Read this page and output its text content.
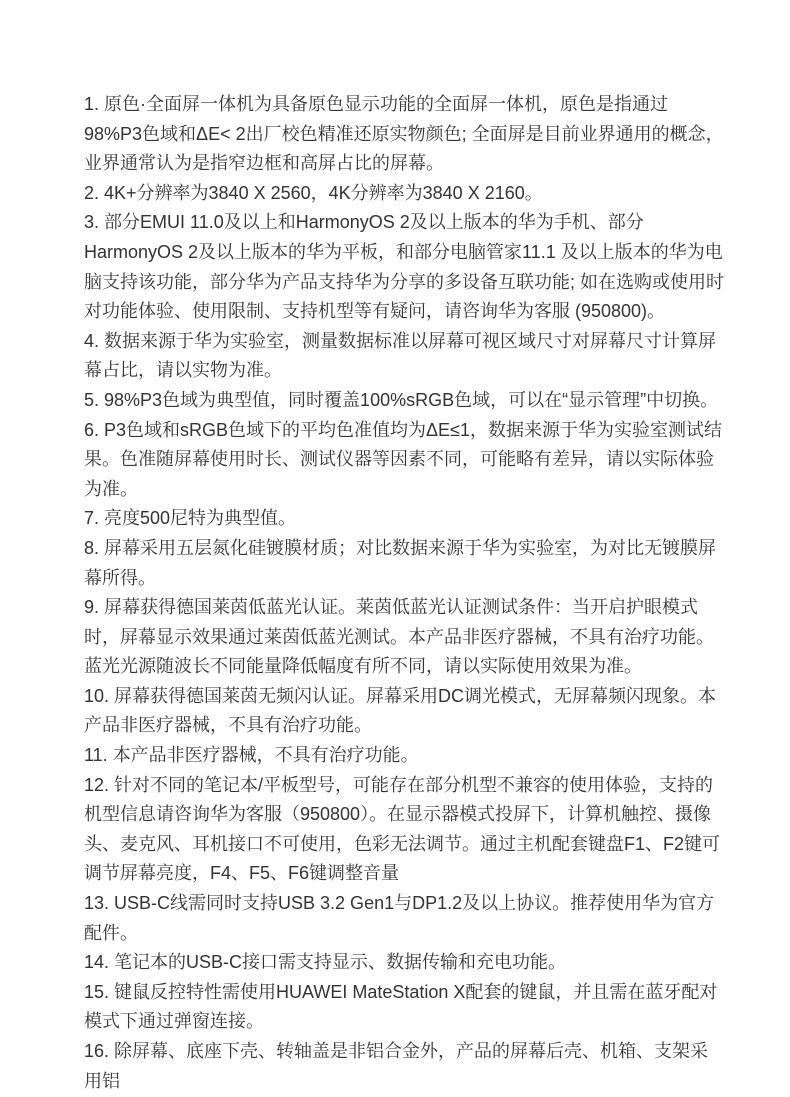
1. 原色·全面屏一体机为具备原色显示功能的全面屏一体机，原色是指通过98%P3色域和ΔE< 2出厂校色精准还原实物颜色; 全面屏是目前业界通用的概念，业界通常认为是指窄边框和高屏占比的屏幕。

2. 4K+分辨率为3840 X 2560，4K分辨率为3840 X 2160。

3. 部分EMUI 11.0及以上和HarmonyOS 2及以上版本的华为手机、部分HarmonyOS 2及以上版本的华为平板，和部分电脑管家11.1 及以上版本的华为电脑支持该功能，部分华为产品支持华为分享的多设备互联功能; 如在选购或使用时对功能体验、使用限制、支持机型等有疑问，请咨询华为客服 (950800)。

4. 数据来源于华为实验室，测量数据标准以屏幕可视区域尺寸对屏幕尺寸计算屏幕占比，请以实物为准。

5. 98%P3色域为典型值，同时覆盖100%sRGB色域，可以在“显示管理”中切换。

6. P3色域和sRGB色域下的平均色准值均为ΔE≤1，数据来源于华为实验室测试结果。色准随屏幕使用时长、测试仪器等因素不同，可能略有差异，请以实际体验为准。

7. 亮度500尼特为典型值。

8. 屏幕采用五层氮化硅镀膜材质；对比数据来源于华为实验室，为对比无镀膜屏幕所得。

9. 屏幕获得德国莱茵低蓝光认证。莱茵低蓝光认证测试条件：当开启护眼模式时，屏幕显示效果通过莱茵低蓝光测试。本产品非医疗器械，不具有治疗功能。蓝光光源随波长不同能量降低幅度有所不同，请以实际使用效果为准。

10. 屏幕获得德国莱茵无频闪认证。屏幕采用DC调光模式，无屏幕频闪现象。本产品非医疗器械，不具有治疗功能。

11. 本产品非医疗器械，不具有治疗功能。

12. 针对不同的笔记本/平板型号，可能存在部分机型不兼容的使用体验，支持的机型信息请咨询华为客服（950800）。在显示器模式投屏下，计算机触控、摄像头、麦克风、耳机接口不可使用，色彩无法调节。通过主机配套键盘F1、F2键可调节屏幕亮度，F4、F5、F6键调整音量

13. USB-C线需同时支持USB 3.2 Gen1与DP1.2及以上协议。推荐使用华为官方配件。

14. 笔记本的USB-C接口需支持显示、数据传输和充电功能。

15. 键鼠反控特性需使用HUAWEI MateStation X配套的键鼠，并且需在蓝牙配对模式下通过弹窗连接。

16. 除屏幕、底座下壳、转轴盖是非铝合金外，产品的屏幕后壳、机箱、支架采用铝
